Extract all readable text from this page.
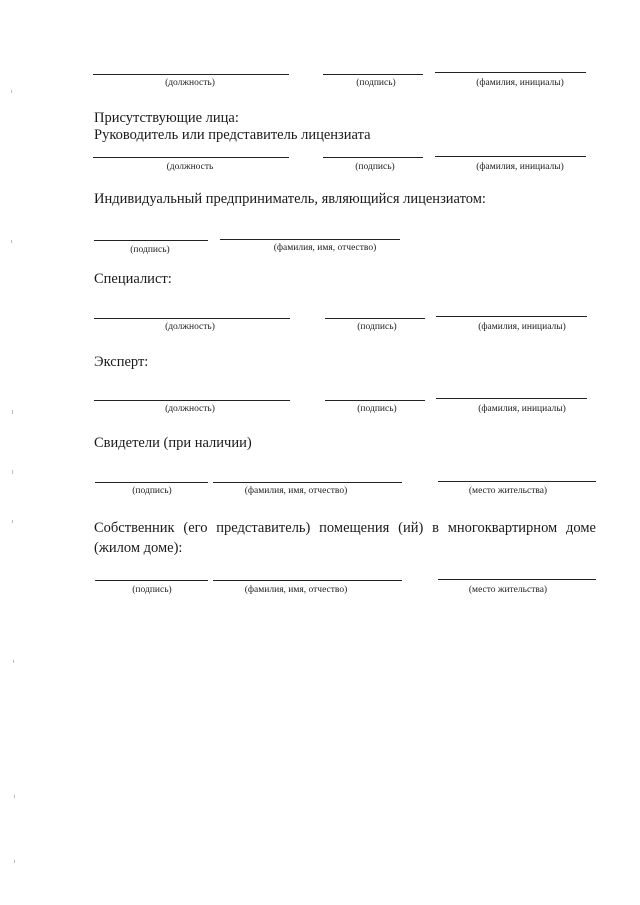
(должность)	(подпись)	(фамилия, инициалы)
Присутствующие лица:
Руководитель или представитель лицензиата
(должность	(подпись)	(фамилия, инициалы)
Индивидуальный предприниматель, являющийся лицензиатом:
(подпись)	(фамилия, имя, отчество)
Специалист:
(должность)	(подпись)	(фамилия, инициалы)
Эксперт:
(должность)	(подпись)	(фамилия, инициалы)
Свидетели (при наличии)
(подпись)	(фамилия, имя, отчество)	(место жительства)
Собственник (его представитель) помещения (ий) в многоквартирном доме (жилом доме):
(подпись)	(фамилия, имя, отчество)	(место жительства)
